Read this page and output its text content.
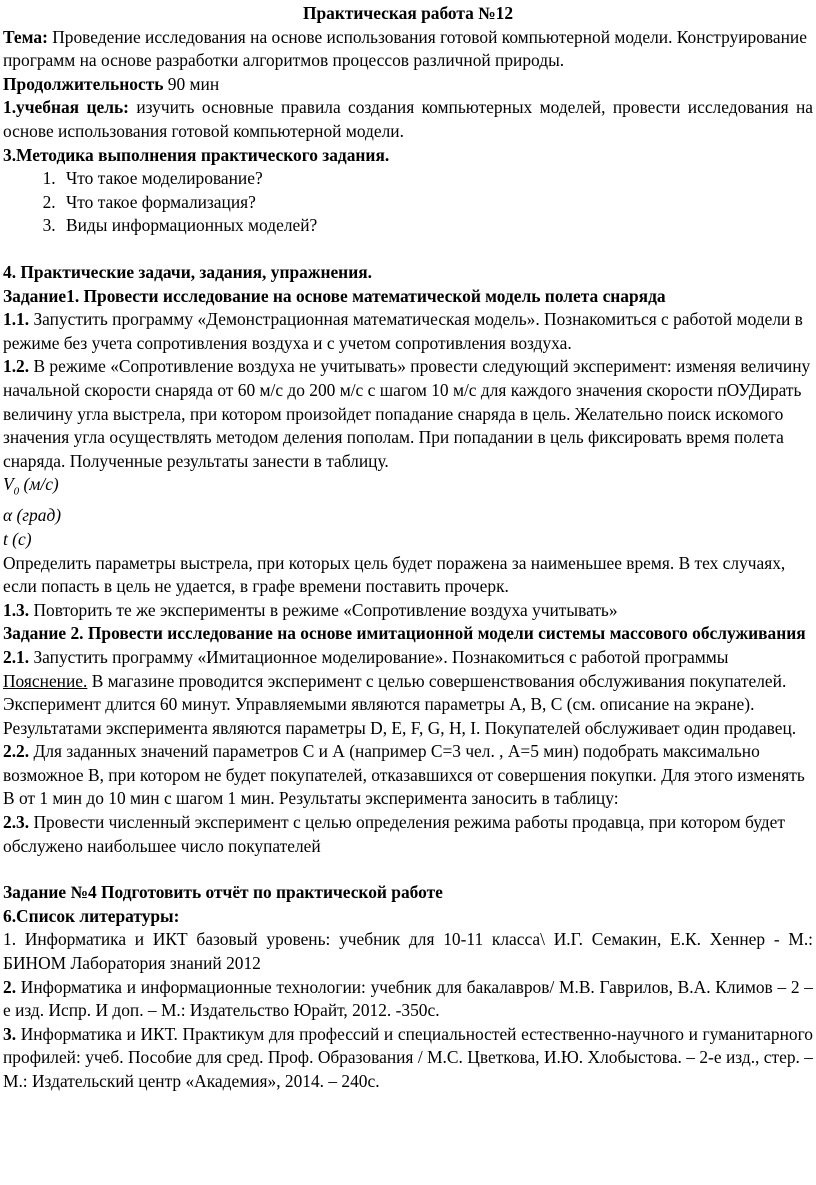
Практическая работа №12

Тема: Проведение исследования на основе использования готовой компьютерной модели. Конструирование программ на основе разработки алгоритмов процессов различной природы.

Продолжительность 90 мин

1.учебная цель: изучить основные правила создания компьютерных моделей, провести исследования на основе использования готовой компьютерной модели.

3.Методика выполнения практического задания.

1. Что такое моделирование?
2. Что такое формализация?
3. Виды информационных моделей?

4. Практические задачи, задания, упражнения.

Задание1. Провести исследование на основе математической модель полета снаряда

1.1. Запустить программу «Демонстрационная математическая модель». Познакомиться с работой модели в режиме без учета сопротивления воздуха и с учетом сопротивления воздуха.

1.2. В режиме «Сопротивление воздуха не учитывать» провести следующий эксперимент: изменяя величину начальной скорости снаряда от 60 м/с до 200 м/с с шагом 10 м/с для каждого значения скорости пОУДирать величину угла выстрела, при котором произойдет попадание снаряда в цель. Желательно поиск искомого значения угла осуществлять методом деления пополам. При попадании в цель фиксировать время полета снаряда. Полученные результаты занести в таблицу.

$V_0$ (м/с)

α (град)

t (с)

Определить параметры выстрела, при которых цель будет поражена за наименьшее время. В тех случаях, если попасть в цель не удается, в графе времени поставить прочерк.

1.3. Повторить те же эксперименты в режиме «Сопротивление воздуха учитывать»

Задание 2. Провести исследование на основе имитационной модели системы массового обслуживания

2.1. Запустить программу «Имитационное моделирование». Познакомиться с работой программы

Пояснение. В магазине проводится эксперимент с целью совершенствования обслуживания покупателей. Эксперимент длится 60 минут. Управляемыми являются параметры A, B, C (см. описание на экране). Результатами эксперимента являются параметры D, E, F, G, H, I. Покупателей обслуживает один продавец.

2.2. Для заданных значений параметров С и А (например С=3 чел. , А=5 мин) подобрать максимально возможное В, при котором не будет покупателей, отказавшихся от совершения покупки. Для этого изменять В от 1 мин до 10 мин с шагом 1 мин. Результаты эксперимента заносить в таблицу:

2.3. Провести численный эксперимент с целью определения режима работы продавца, при котором будет обслужено наибольшее число покупателей

Задание №4 Подготовить отчёт по практической работе

6.Список литературы:

1. Информатика и ИКТ базовый уровень: учебник для 10-11 класса\ И.Г. Семакин, Е.К. Хеннер - М.: БИНОМ Лаборатория знаний 2012

2. Информатика и информационные технологии: учебник для бакалавров/ М.В. Гаврилов, В.А. Климов – 2 –е изд. Испр. И доп. – М.: Издательство Юрайт, 2012. -350с.

3. Информатика и ИКТ. Практикум для профессий и специальностей естественно-научного и гуманитарного профилей: учеб. Пособие для сред. Проф. Образования / М.С. Цветкова, И.Ю. Хлобыстова. – 2-е изд., стер. – М.: Издательский центр «Академия», 2014. – 240с.
